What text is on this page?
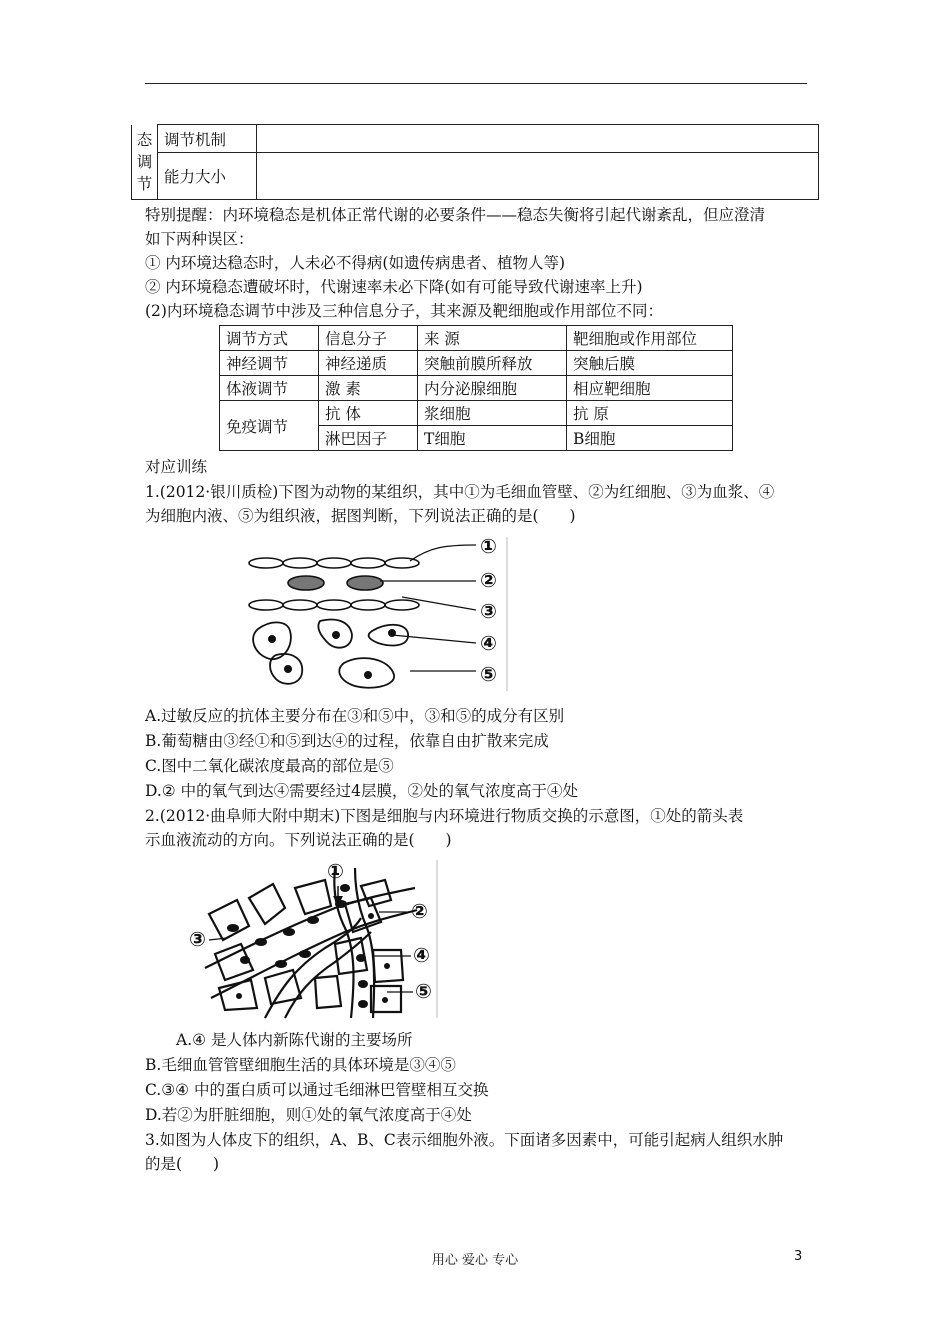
态
调
节	调节机制	
	能力大小	
特别提醒：内环境稳态是机体正常代谢的必要条件——稳态失衡将引起代谢紊乱，但应澄清
如下两种误区：
① 内环境达稳态时，人未必不得病(如遗传病患者、植物人等)
② 内环境稳态遭破坏时，代谢速率未必下降(如有可能导致代谢速率上升)
(2)内环境稳态调节中涉及三种信息分子，其来源及靶细胞或作用部位不同：
调节方式	信息分子	来 源	靶细胞或作用部位
神经调节	神经递质	突触前膜所释放	突触后膜
体液调节	激 素	内分泌腺细胞	相应靶细胞
免疫调节	抗 体	浆细胞	抗 原
	淋巴因子	T细胞	B细胞
对应训练
1.(2012·银川质检)下图为动物的某组织，其中①为毛细血管壁、②为红细胞、③为血浆、④
为细胞内液、⑤为组织液，据图判断，下列说法正确的是(　　)
①
②
③
④
⑤
A.过敏反应的抗体主要分布在③和⑤中，③和⑤的成分有区别
B.葡萄糖由③经①和⑤到达④的过程，依靠自由扩散来完成
C.图中二氧化碳浓度最高的部位是⑤
D.② 中的氧气到达④需要经过4层膜，②处的氧气浓度高于④处
2.(2012·曲阜师大附中期末)下图是细胞与内环境进行物质交换的示意图，①处的箭头表
示血液流动的方向。下列说法正确的是(　　)
①
②
③
④
⑤
A.④ 是人体内新陈代谢的主要场所
B.毛细血管管壁细胞生活的具体环境是③④⑤
C.③④ 中的蛋白质可以通过毛细淋巴管壁相互交换
D.若②为肝脏细胞，则①处的氧气浓度高于④处
3.如图为人体皮下的组织，A、B、C表示细胞外液。下面诸多因素中，可能引起病人组织水肿
的是(　　)
用心 爱心 专心	3
